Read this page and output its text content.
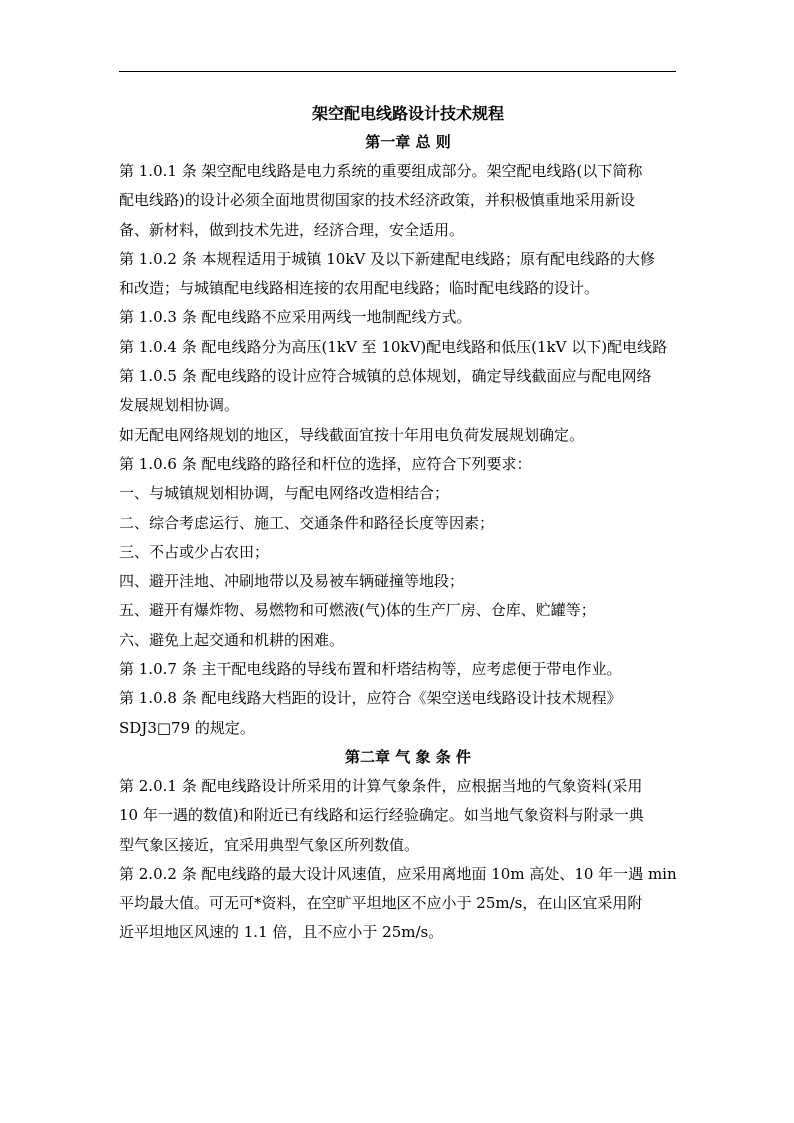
架空配电线路设计技术规程
第一章 总 则

第 1.0.1 条 架空配电线路是电力系统的重要组成部分。架空配电线路(以下简称

配电线路)的设计必须全面地贯彻国家的技术经济政策，并积极慎重地采用新设

备、新材料，做到技术先进，经济合理，安全适用。

第 1.0.2 条 本规程适用于城镇 10kV 及以下新建配电线路；原有配电线路的大修

和改造；与城镇配电线路相连接的农用配电线路；临时配电线路的设计。

第 1.0.3 条 配电线路不应采用两线一地制配线方式。

第 1.0.4 条 配电线路分为高压(1kV 至 10kV)配电线路和低压(1kV 以下)配电线路

第 1.0.5 条 配电线路的设计应符合城镇的总体规划，确定导线截面应与配电网络

发展规划相协调。

如无配电网络规划的地区，导线截面宜按十年用电负荷发展规划确定。

第 1.0.6 条 配电线路的路径和杆位的选择，应符合下列要求：

一、与城镇规划相协调，与配电网络改造相结合；

二、综合考虑运行、施工、交通条件和路径长度等因素；

三、不占或少占农田；

四、避开洼地、冲刷地带以及易被车辆碰撞等地段；

五、避开有爆炸物、易燃物和可燃液(气)体的生产厂房、仓库、贮罐等；

六、避免上起交通和机耕的困难。

第 1.0.7 条 主干配电线路的导线布置和杆塔结构等，应考虑便于带电作业。

第 1.0.8 条 配电线路大档距的设计，应符合《架空送电线路设计技术规程》

SDJ3□79 的规定。

第二章 气 象 条 件

第 2.0.1 条 配电线路设计所采用的计算气象条件，应根据当地的气象资料(采用

10 年一遇的数值)和附近已有线路和运行经验确定。如当地气象资料与附录一典

型气象区接近，宜采用典型气象区所列数值。

第 2.0.2 条 配电线路的最大设计风速值，应采用离地面 10m 高处、10 年一遇 min

平均最大值。可无可*资料，在空旷平坦地区不应小于 25m/s，在山区宜采用附

近平坦地区风速的 1.1 倍，且不应小于 25m/s。
